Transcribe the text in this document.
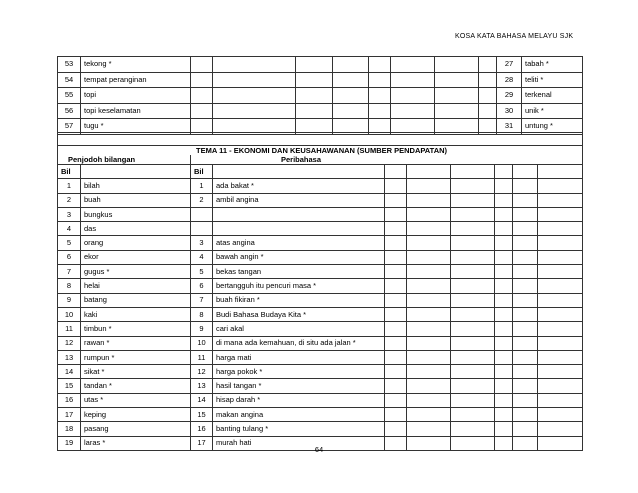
KOSA KATA BAHASA MELAYU SJK
53	tekong *									27	tabah *
54	tempat peranginan									28	teliti *
55	topi									29	terkenal
56	topi keselamatan									30	unik *
57	tugu *									31	untung *

TEMA 11 - EKONOMI DAN KEUSAHAWANAN (SUMBER PENDAPATAN)									
Penjodoh bilangan		Peribahasa							
Bil		Bil							
1	bilah	1	ada bakat *						
2	buah	2	ambil angina						
3	bungkus								
4	das								
5	orang	3	atas angina						
6	ekor	4	bawah angin *						
7	gugus *	5	bekas tangan						
8	helai	6	bertangguh itu pencuri masa *						
9	batang	7	buah fikiran *						
10	kaki	8	Budi Bahasa Budaya Kita *						
11	timbun *	9	cari akal						
12	rawan *	10	di mana ada kemahuan, di situ ada jalan *						
13	rumpun *	11	harga mati						
14	sikat *	12	harga pokok *						
15	tandan *	13	hasil tangan *						
16	utas *	14	hisap darah *						
17	keping	15	makan angina						
18	pasang	16	banting tulang *						
19	laras *	17	murah hati						
64
